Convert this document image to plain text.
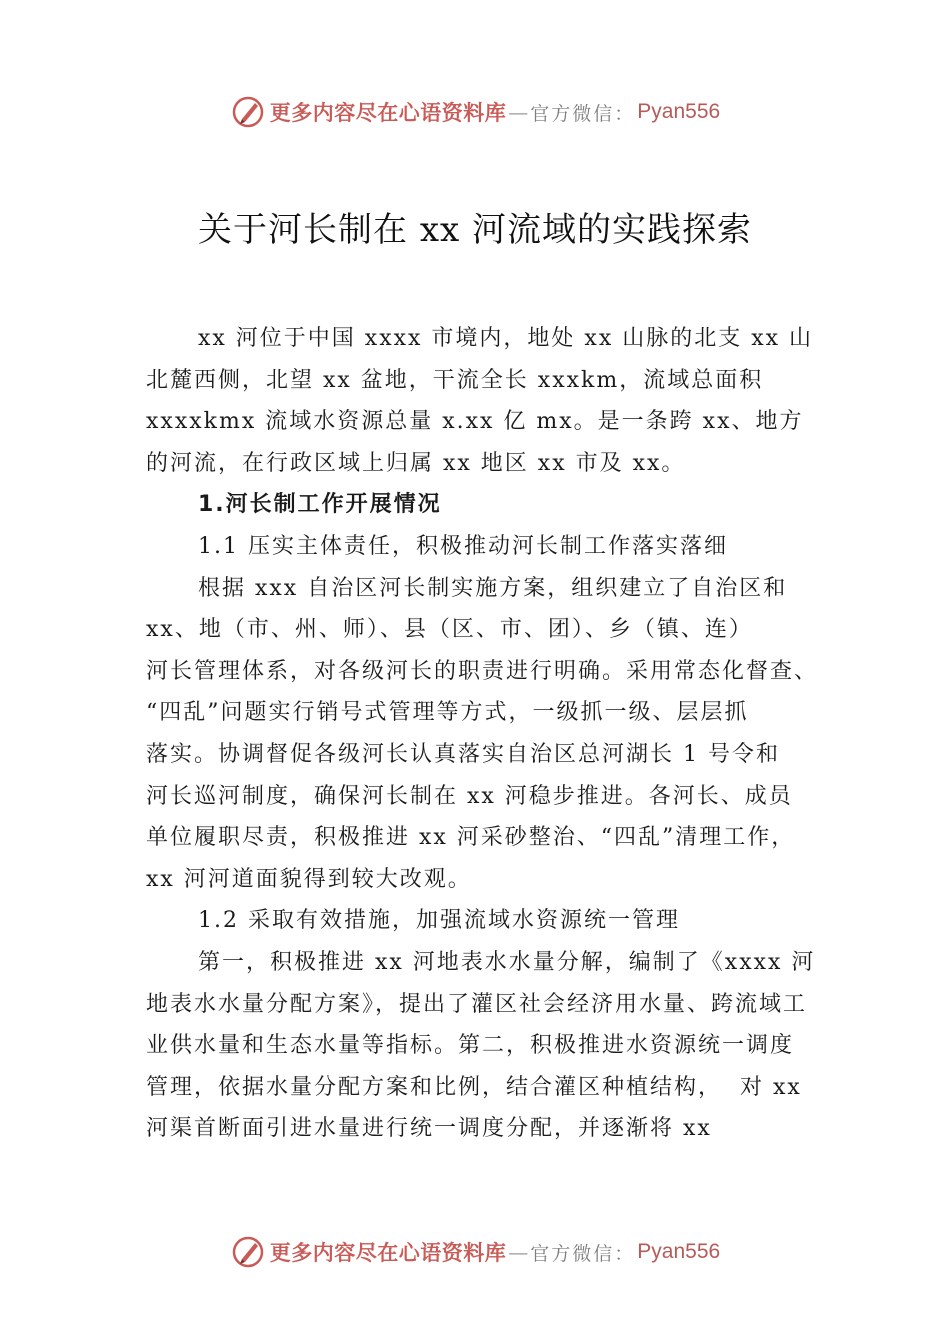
更多内容尽在心语资料库 — 官方微信： Pyan556
关于河长制在 xx 河流域的实践探索
xx 河位于中国 xxxx 市境内，地处 xx 山脉的北支 xx 山
北麓西侧，北望 xx 盆地，干流全长 xxxkm，流域总面积
xxxxkmx 流域水资源总量 x.xx 亿 mx。是一条跨 xx、地方
的河流，在行政区域上归属 xx 地区 xx 市及 xx。
1.河长制工作开展情况
1.1 压实主体责任，积极推动河长制工作落实落细
根据 xxx 自治区河长制实施方案，组织建立了自治区和
xx、地（市、州、师）、县（区、市、团）、乡（镇、连）
河长管理体系，对各级河长的职责进行明确。采用常态化督查、
“四乱”问题实行销号式管理等方式，一级抓一级、层层抓
落实。协调督促各级河长认真落实自治区总河湖长 1 号令和
河长巡河制度，确保河长制在 xx 河稳步推进。各河长、成员
单位履职尽责，积极推进 xx 河采砂整治、“四乱”清理工作，
xx 河河道面貌得到较大改观。
1.2 采取有效措施，加强流域水资源统一管理
第一，积极推进 xx 河地表水水量分解，编制了《xxxx 河
地表水水量分配方案》，提出了灌区社会经济用水量、跨流域工
业供水量和生态水量等指标。第二，积极推进水资源统一调度
管理，依据水量分配方案和比例，结合灌区种植结构，  对 xx
河渠首断面引进水量进行统一调度分配，并逐渐将 xx
更多内容尽在心语资料库 — 官方微信： Pyan556
